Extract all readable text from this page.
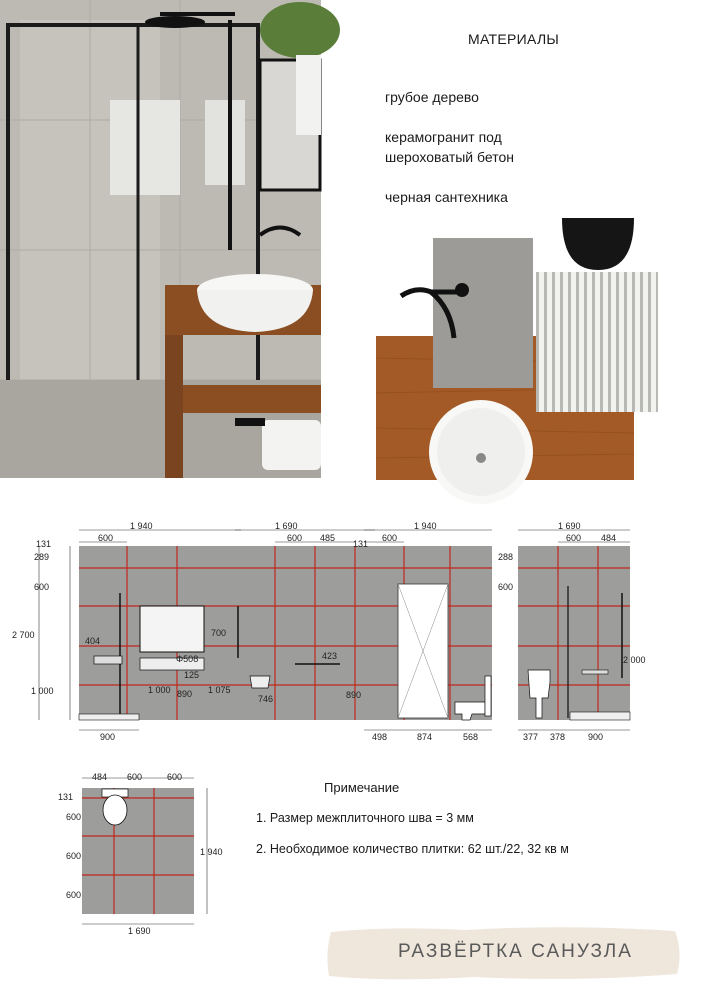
МАТЕРИАЛЫ
грубое дерево
керамогранит под
шероховатый бетон
черная сантехника
1 940
600
131
289
600
2 700
404
1 000
Φ508
125
1 000 890
900
1 690
600 485
700
423
1 075
746
1 940
600
131
890
498	874	568
1 690
600 484
288
600
2 000
377 378	900
484 600	600
131
600
600
600
1 940
1 690
Примечание
1. Размер межплиточного шва = 3 мм
2. Необходимое количество плитки: 62 шт./22, 32 кв м
РАЗВЁРТКА САНУЗЛА
